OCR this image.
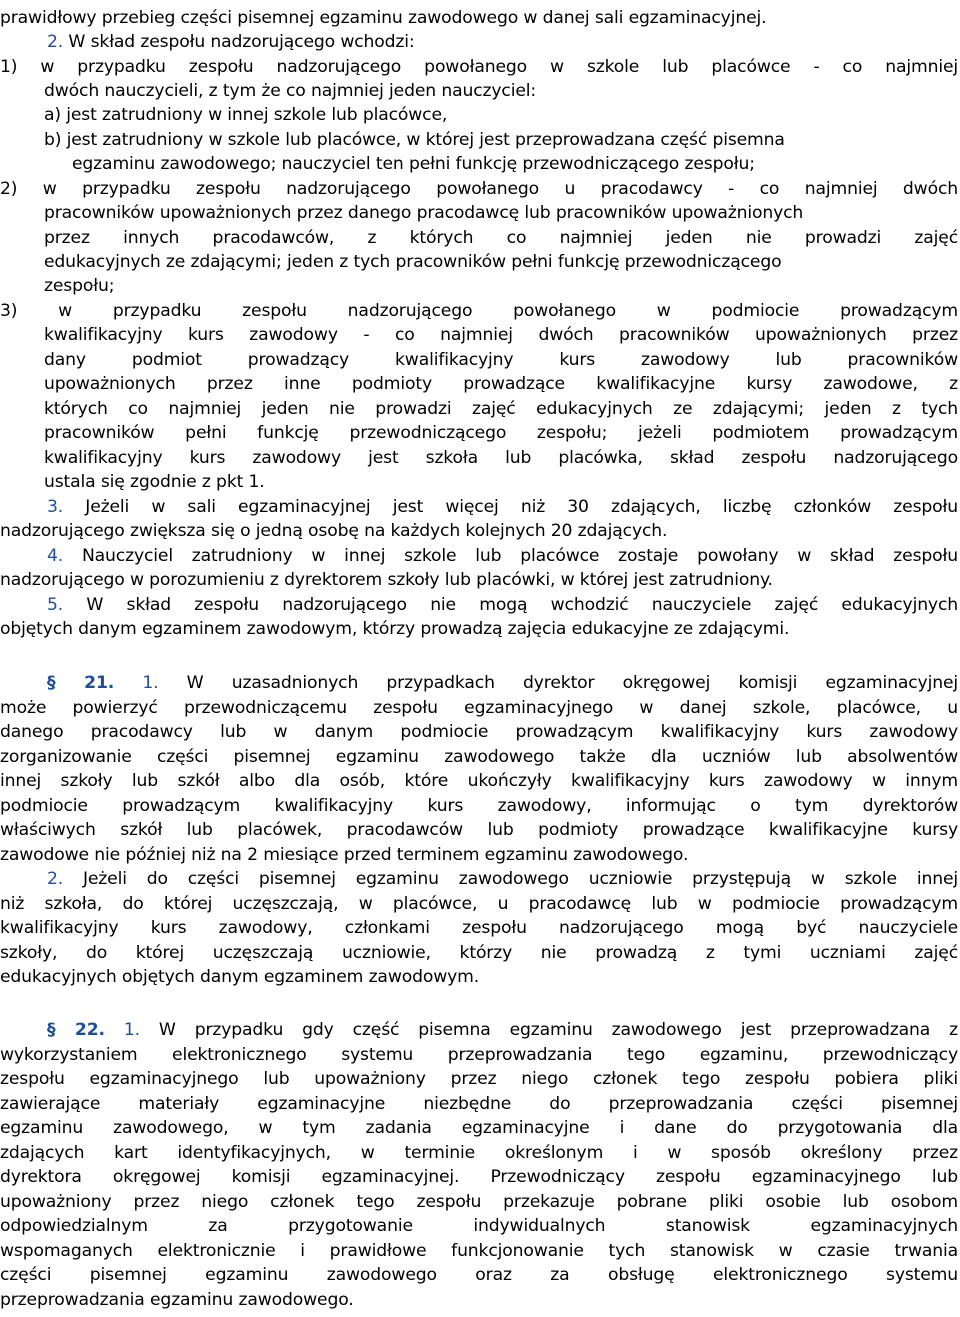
prawidłowy przebieg części pisemnej egzaminu zawodowego w danej sali egzaminacyjnej.
2. W skład zespołu nadzorującego wchodzi:
1) w przypadku zespołu nadzorującego powołanego w szkole lub placówce - co najmniej
dwóch nauczycieli, z tym że co najmniej jeden nauczyciel:
a) jest zatrudniony w innej szkole lub placówce,
b) jest zatrudniony w szkole lub placówce, w której jest przeprowadzana część pisemna
egzaminu zawodowego; nauczyciel ten pełni funkcję przewodniczącego zespołu;
2) w przypadku zespołu nadzorującego powołanego u pracodawcy - co najmniej dwóch
pracowników upoważnionych przez danego pracodawcę lub pracowników upoważnionych
przez innych pracodawców, z których co najmniej jeden nie prowadzi zajęć
edukacyjnych ze zdającymi; jeden z tych pracowników pełni funkcję przewodniczącego
zespołu;
3) w przypadku zespołu nadzorującego powołanego w podmiocie prowadzącym
kwalifikacyjny kurs zawodowy - co najmniej dwóch pracowników upoważnionych przez
dany podmiot prowadzący kwalifikacyjny kurs zawodowy lub pracowników
upoważnionych przez inne podmioty prowadzące kwalifikacyjne kursy zawodowe, z
których co najmniej jeden nie prowadzi zajęć edukacyjnych ze zdającymi; jeden z tych
pracowników pełni funkcję przewodniczącego zespołu; jeżeli podmiotem prowadzącym
kwalifikacyjny kurs zawodowy jest szkoła lub placówka, skład zespołu nadzorującego
ustala się zgodnie z pkt 1.
3. Jeżeli w sali egzaminacyjnej jest więcej niż 30 zdających, liczbę członków zespołu
nadzorującego zwiększa się o jedną osobę na każdych kolejnych 20 zdających.
4. Nauczyciel zatrudniony w innej szkole lub placówce zostaje powołany w skład zespołu
nadzorującego w porozumieniu z dyrektorem szkoły lub placówki, w której jest zatrudniony.
5. W skład zespołu nadzorującego nie mogą wchodzić nauczyciele zajęć edukacyjnych
objętych danym egzaminem zawodowym, którzy prowadzą zajęcia edukacyjne ze zdającymi.
§ 21. 1. W uzasadnionych przypadkach dyrektor okręgowej komisji egzaminacyjnej
może powierzyć przewodniczącemu zespołu egzaminacyjnego w danej szkole, placówce, u
danego pracodawcy lub w danym podmiocie prowadzącym kwalifikacyjny kurs zawodowy
zorganizowanie części pisemnej egzaminu zawodowego także dla uczniów lub absolwentów
innej szkoły lub szkół albo dla osób, które ukończyły kwalifikacyjny kurs zawodowy w innym
podmiocie prowadzącym kwalifikacyjny kurs zawodowy, informując o tym dyrektorów
właściwych szkół lub placówek, pracodawców lub podmioty prowadzące kwalifikacyjne kursy
zawodowe nie później niż na 2 miesiące przed terminem egzaminu zawodowego.
2. Jeżeli do części pisemnej egzaminu zawodowego uczniowie przystępują w szkole innej
niż szkoła, do której uczęszczają, w placówce, u pracodawcę lub w podmiocie prowadzącym
kwalifikacyjny kurs zawodowy, członkami zespołu nadzorującego mogą być nauczyciele
szkoły, do której uczęszczają uczniowie, którzy nie prowadzą z tymi uczniami zajęć
edukacyjnych objętych danym egzaminem zawodowym.
§ 22. 1. W przypadku gdy część pisemna egzaminu zawodowego jest przeprowadzana z
wykorzystaniem elektronicznego systemu przeprowadzania tego egzaminu, przewodniczący
zespołu egzaminacyjnego lub upoważniony przez niego członek tego zespołu pobiera pliki
zawierające materiały egzaminacyjne niezbędne do przeprowadzania części pisemnej
egzaminu zawodowego, w tym zadania egzaminacyjne i dane do przygotowania dla
zdających kart identyfikacyjnych, w terminie określonym i w sposób określony przez
dyrektora okręgowej komisji egzaminacyjnej. Przewodniczący zespołu egzaminacyjnego lub
upoważniony przez niego członek tego zespołu przekazuje pobrane pliki osobie lub osobom
odpowiedzialnym za przygotowanie indywidualnych stanowisk egzaminacyjnych
wspomaganych elektronicznie i prawidłowe funkcjonowanie tych stanowisk w czasie trwania
części pisemnej egzaminu zawodowego oraz za obsługę elektronicznego systemu
przeprowadzania egzaminu zawodowego.
